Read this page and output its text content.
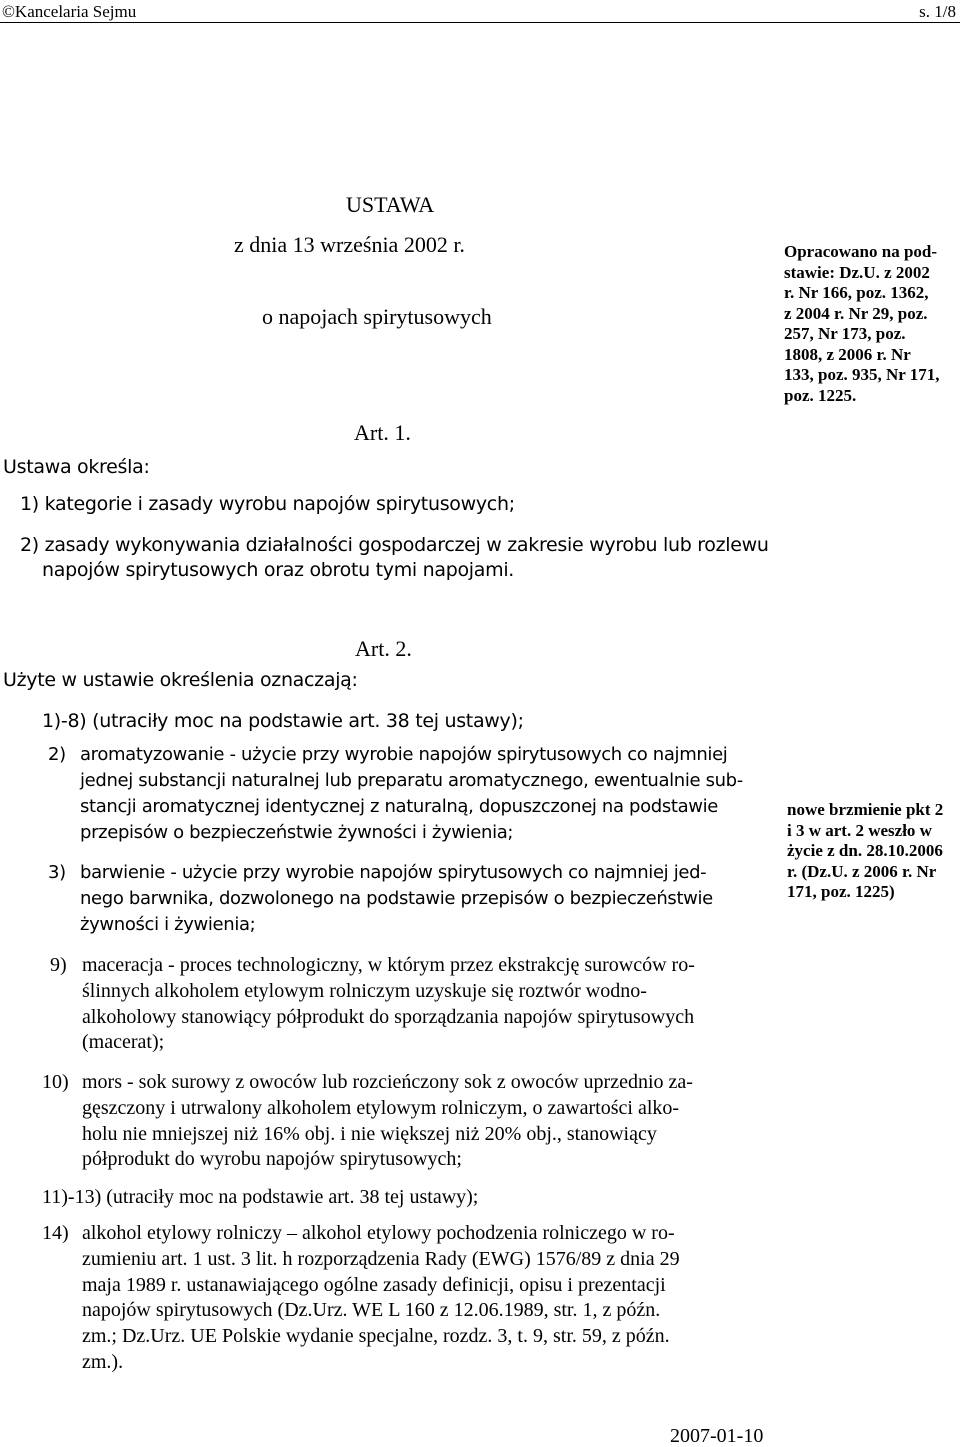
©Kancelaria Sejmu	s. 1/8
USTAWA
z dnia 13 września 2002 r.
o napojach spirytusowych
Opracowano na pod-
stawie: Dz.U. z 2002
r. Nr 166, poz. 1362,
z 2004 r. Nr 29, poz.
257, Nr 173, poz.
1808, z 2006 r. Nr
133, poz. 935, Nr 171,
poz. 1225.
Art. 1.
Ustawa określa:
1) kategorie i zasady wyrobu napojów spirytusowych;
2) zasady wykonywania działalności gospodarczej w zakresie wyrobu lub rozlewu
napojów spirytusowych oraz obrotu tymi napojami.
Art. 2.
Użyte w ustawie określenia oznaczają:
1)-8) (utraciły moc na podstawie art. 38 tej ustawy);
2) aromatyzowanie - użycie przy wyrobie napojów spirytusowych co najmniej
jednej substancji naturalnej lub preparatu aromatycznego, ewentualnie sub-
stancji aromatycznej identycznej z naturalną, dopuszczonej na podstawie
przepisów o bezpieczeństwie żywności i żywienia;
3) barwienie - użycie przy wyrobie napojów spirytusowych co najmniej jed-
nego barwnika, dozwolonego na podstawie przepisów o bezpieczeństwie
żywności i żywienia;
nowe brzmienie pkt 2
i 3 w art. 2 weszło w
życie z dn. 28.10.2006
r. (Dz.U. z 2006 r. Nr
171, poz. 1225)
9) maceracja - proces technologiczny, w którym przez ekstrakcję surowców ro-
ślinnych alkoholem etylowym rolniczym uzyskuje się roztwór wodno-
alkoholowy stanowiący półprodukt do sporządzania napojów spirytusowych
(macerat);
10) mors - sok surowy z owoców lub rozcieńczony sok z owoców uprzednio za-
gęszczony i utrwalony alkoholem etylowym rolniczym, o zawartości alko-
holu nie mniejszej niż 16% obj. i nie większej niż 20% obj., stanowiący
półprodukt do wyrobu napojów spirytusowych;
11)-13) (utraciły moc na podstawie art. 38 tej ustawy);
14) alkohol etylowy rolniczy – alkohol etylowy pochodzenia rolniczego w ro-
zumieniu art. 1 ust. 3 lit. h rozporządzenia Rady (EWG) 1576/89 z dnia 29
maja 1989 r. ustanawiającego ogólne zasady definicji, opisu i prezentacji
napojów spirytusowych (Dz.Urz. WE L 160 z 12.06.1989, str. 1, z późn.
zm.; Dz.Urz. UE Polskie wydanie specjalne, rozdz. 3, t. 9, str. 59, z późn.
zm.).
2007-01-10
